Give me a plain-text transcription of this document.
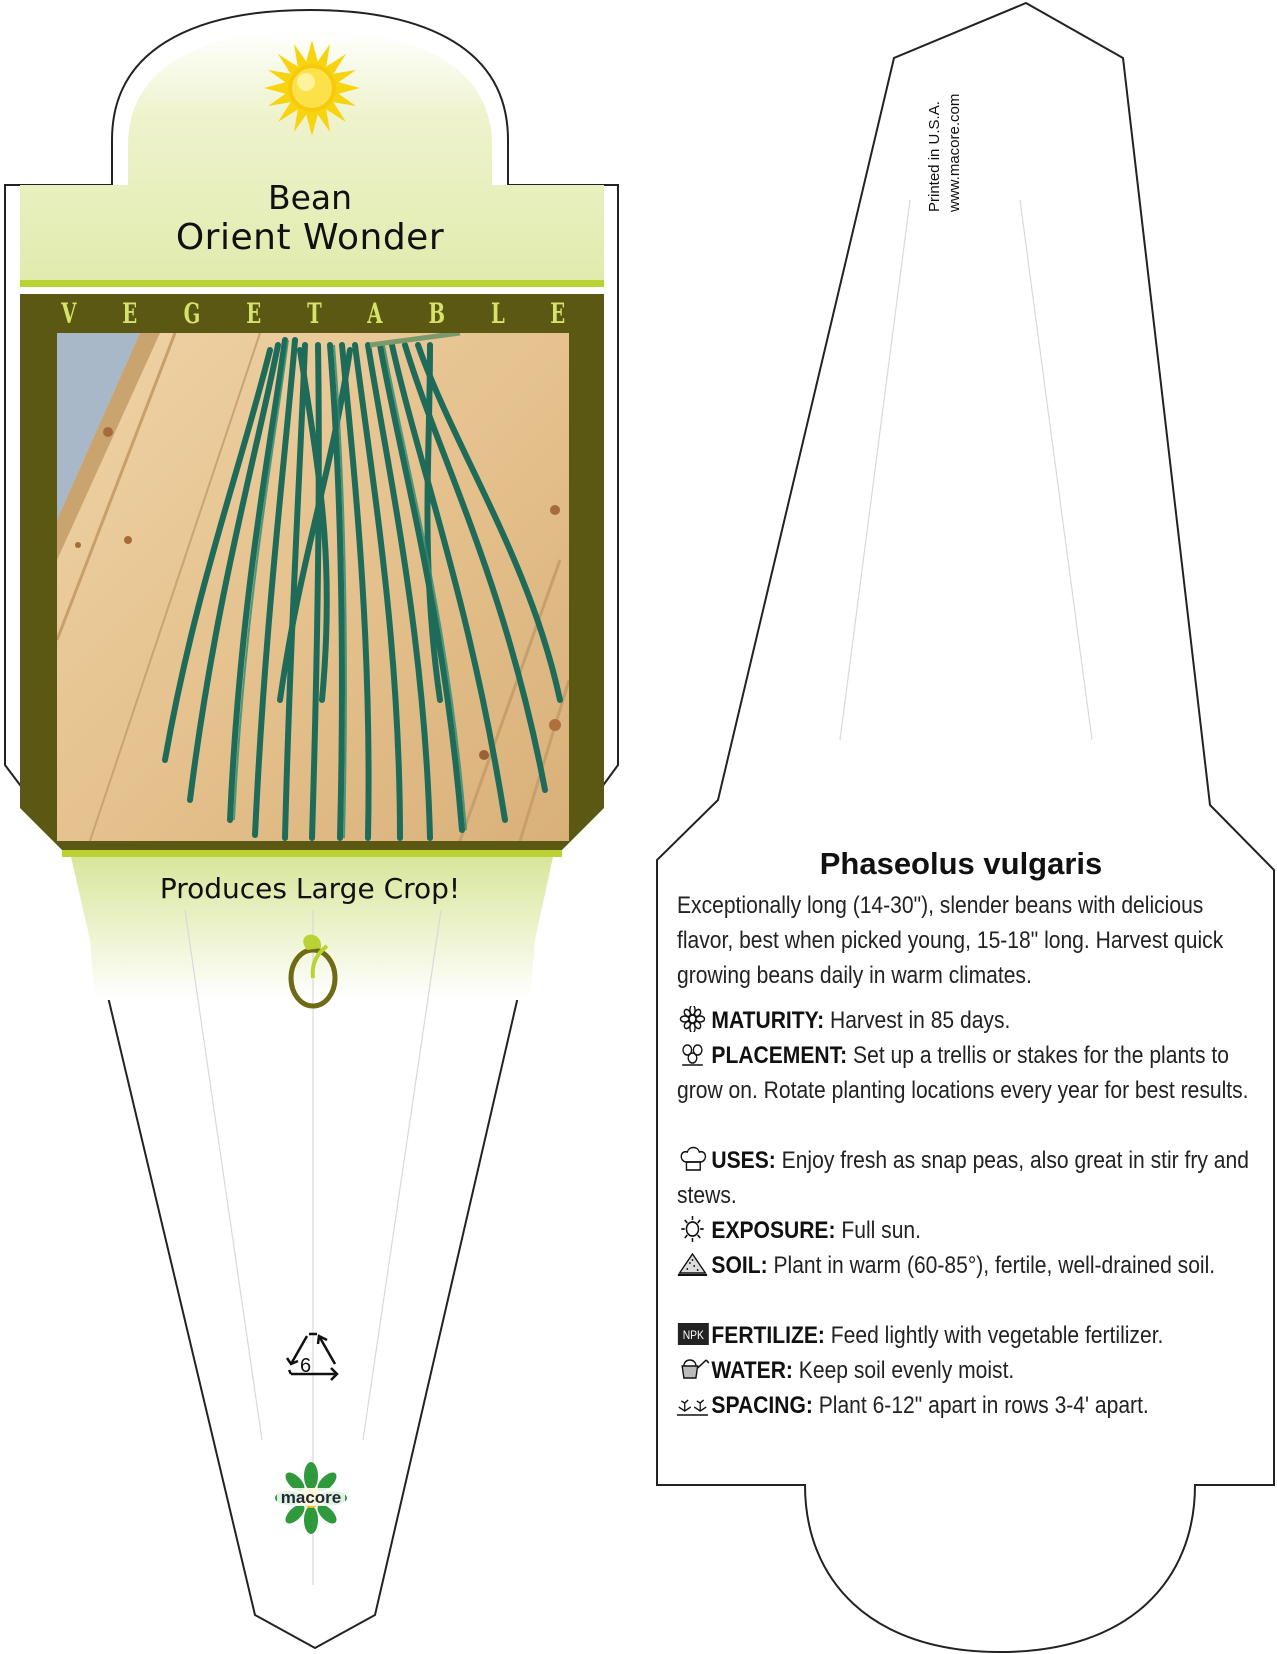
Bean
Orient Wonder
V E G E T A B L E
Produces Large Crop!
6
macore
Printed in U.S.A. www.macore.com
Phaseolus vulgaris
Exceptionally long (14-30"), slender beans with delicious flavor, best when picked young, 15-18" long. Harvest quick growing beans daily in warm climates.
MATURITY: Harvest in 85 days.
PLACEMENT: Set up a trellis or stakes for the plants to grow on. Rotate planting locations every year for best results.
USES: Enjoy fresh as snap peas, also great in stir fry and stews.
EXPOSURE: Full sun.
SOIL: Plant in warm (60-85°), fertile, well-drained soil.
NPK FERTILIZE: Feed lightly with vegetable fertilizer.
WATER: Keep soil evenly moist.
SPACING: Plant 6-12" apart in rows 3-4' apart.
